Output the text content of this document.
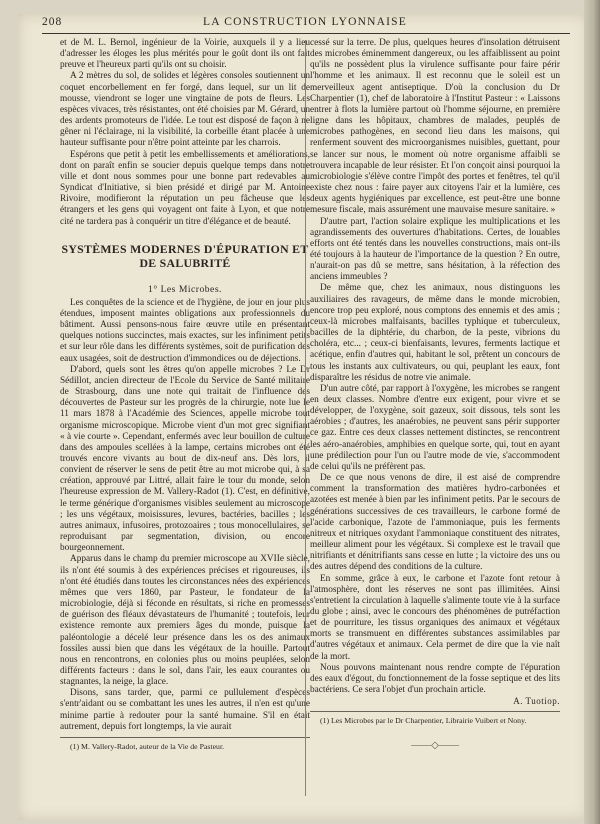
208	LA CONSTRUCTION LYONNAISE

et de M. L. Bernol, ingénieur de la Voirie, auxquels il y a lieu d'adresser les éloges les plus mérités pour le goût dont ils ont fait preuve et l'heureux parti qu'ils ont su choisir.

A 2 mètres du sol, de solides et légères consoles soutiennent un coquet encorbellement en fer forgé, dans lequel, sur un lit de mousse, viendront se loger une vingtaine de pots de fleurs. Les espèces vivaces, très résistantes, ont été choisies par M. Gérard, un des ardents promoteurs de l'idée. Le tout est disposé de façon à ne gêner ni l'éclairage, ni la visibilité, la corbeille étant placée à une hauteur suffisante pour n'être point atteinte par les charrois.

Espérons que petit à petit les embellissements et améliorations, dont on paraît enfin se soucier depuis quelque temps dans notre ville et dont nous sommes pour une bonne part redevables au Syndicat d'Initiative, si bien présidé et dirigé par M. Antoine Rivoire, modifieront la réputation un peu fâcheuse que les étrangers et les gens qui voyagent ont faite à Lyon, et que notre cité ne tardera pas à conquérir un titre d'élégance et de beauté.

SYSTÈMES MODERNES D'ÉPURATION ET DE SALUBRITÉ
1° Les Microbes.

Les conquêtes de la science et de l'hygiène, de jour en jour plus étendues, imposent maintes obligations aux professionnels du bâtiment. Aussi pensons-nous faire œuvre utile en présentant quelques notions succinctes, mais exactes, sur les infiniment petits et sur leur rôle dans les différents systèmes, soit de purification des eaux usagées, soit de destruction d'immondices ou de déjections.

D'abord, quels sont les êtres qu'on appelle microbes ? Le Dr Sédillot, ancien directeur de l'Ecole du Service de Santé militaire de Strasbourg, dans une note qui traitait de l'influence des découvertes de Pasteur sur les progrès de la chirurgie, note lue le 11 mars 1878 à l'Académie des Sciences, appelle microbe tout organisme microscopique. Microbe vient d'un mot grec signifiant « à vie courte ». Cependant, enfermés avec leur bouillon de culture dans des ampoules scellées à la lampe, certains microbes ont été trouvés encore vivants au bout de dix-neuf ans. Dès lors, il convient de réserver le sens de petit être au mot microbe qui, à sa création, approuvé par Littré, allait faire le tour du monde, selon l'heureuse expression de M. Vallery-Radot (1). C'est, en définitive, le terme générique d'organismes visibles seulement au microscope ; les uns végétaux, moisissures, levures, bactéries, bacilles ; les autres animaux, infusoires, protozoaires ; tous monocellulaires, se reproduisant par segmentation, division, ou encore bourgeonnement.

Apparus dans le champ du premier microscope au XVIIe siècle, ils n'ont été soumis à des expériences précises et rigoureuses, ils n'ont été étudiés dans toutes les circonstances nées des expériences mêmes que vers 1860, par Pasteur, le fondateur de la microbiologie, déjà si féconde en résultats, si riche en promesses de guérison des fléaux dévastateurs de l'humanité ; toutefois, leur existence remonte aux premiers âges du monde, puisque la paléontologie a décelé leur présence dans les os des animaux fossiles aussi bien que dans les végétaux de la houille. Partout nous en rencontrons, en colonies plus ou moins peuplées, selon différents facteurs : dans le sol, dans l'air, les eaux courantes ou stagnantes, la neige, la glace.

Disons, sans tarder, que, parmi ce pullulement d'espèces s'entr'aidant ou se combattant les unes les autres, il n'en est qu'une minime partie à redouter pour la santé humaine. S'il en était autrement, depuis fort longtemps, la vie aurait

(1) M. Vallery-Radot, auteur de la Vie de Pasteur.

cessé sur la terre. De plus, quelques heures d'insolation détruisent des microbes éminemment dangereux, ou les affaiblissent au point qu'ils ne possèdent plus la virulence suffisante pour faire périr l'homme et les animaux. Il est reconnu que le soleil est un merveilleux agent antiseptique. D'où la conclusion du Dr Charpentier (1), chef de laboratoire à l'Institut Pasteur : « Laissons entrer à flots la lumière partout où l'homme séjourne, en première ligne dans les hôpitaux, chambres de malades, peuplés de microbes pathogènes, en second lieu dans les maisons, qui renferment souvent des microorganismes nuisibles, guettant, pour se lancer sur nous, le moment où notre organisme affaibli se trouvera incapable de leur résister. Et l'on conçoit ainsi pourquoi la microbiologie s'élève contre l'impôt des portes et fenêtres, tel qu'il existe chez nous : faire payer aux citoyens l'air et la lumière, ces deux agents hygiéniques par excellence, est peut-être une bonne mesure fiscale, mais assurément une mauvaise mesure sanitaire. »

D'autre part, l'action solaire explique les multiplications et les agrandissements des ouvertures d'habitations. Certes, de louables efforts ont été tentés dans les nouvelles constructions, mais ont-ils été toujours à la hauteur de l'importance de la question ? En outre, n'aurait-on pas dû se mettre, sans hésitation, à la réfection des anciens immeubles ?

De même que, chez les animaux, nous distinguons les auxiliaires des ravageurs, de même dans le monde microbien, encore trop peu exploré, nous comptons des ennemis et des amis ; ceux-là microbes malfaisants, bacilles typhique et tuberculeux, bacilles de la diphtérie, du charbon, de la peste, vibrions du choléra, etc... ; ceux-ci bienfaisants, levures, ferments lactique et acétique, enfin d'autres qui, habitant le sol, prêtent un concours de tous les instants aux cultivateurs, ou qui, peuplant les eaux, font disparaître les résidus de notre vie animale.

D'un autre côté, par rapport à l'oxygène, les microbes se rangent en deux classes. Nombre d'entre eux exigent, pour vivre et se développer, de l'oxygène, soit gazeux, soit dissous, tels sont les aérobies ; d'autres, les anaérobies, ne peuvent sans périr supporter ce gaz. Entre ces deux classes nettement distinctes, se rencontrent les aéro-anaérobies, amphibies en quelque sorte, qui, tout en ayant une prédilection pour l'un ou l'autre mode de vie, s'accommodent de celui qu'ils ne préfèrent pas.

De ce que nous venons de dire, il est aisé de comprendre comment la transformation des matières hydro-carbonées et azotées est menée à bien par les infiniment petits. Par le secours de générations successives de ces travailleurs, le carbone formé de l'acide carbonique, l'azote de l'ammoniaque, puis les ferments nitreux et nitriques oxydant l'ammoniaque constituent des nitrates, meilleur aliment pour les végétaux. Si complexe est le travail que nitrifiants et dénitrifiants sans cesse en lutte ; la victoire des uns ou des autres dépend des conditions de la culture.

En somme, grâce à eux, le carbone et l'azote font retour à l'atmosphère, dont les réserves ne sont pas illimitées. Ainsi s'entretient la circulation à laquelle s'alimente toute vie à la surface du globe ; ainsi, avec le concours des phénomènes de putréfaction et de pourriture, les tissus organiques des animaux et végétaux morts se transmuent en différentes substances assimilables par d'autres végétaux et animaux. Cela permet de dire que la vie naît de la mort.

Nous pouvons maintenant nous rendre compte de l'épuration des eaux d'égout, du fonctionnement de la fosse septique et des lits bactériens. Ce sera l'objet d'un prochain article.

A. Tuotiop.

(1) Les Microbes par le Dr Charpentier, Librairie Vuibert et Nony.

——◇——
